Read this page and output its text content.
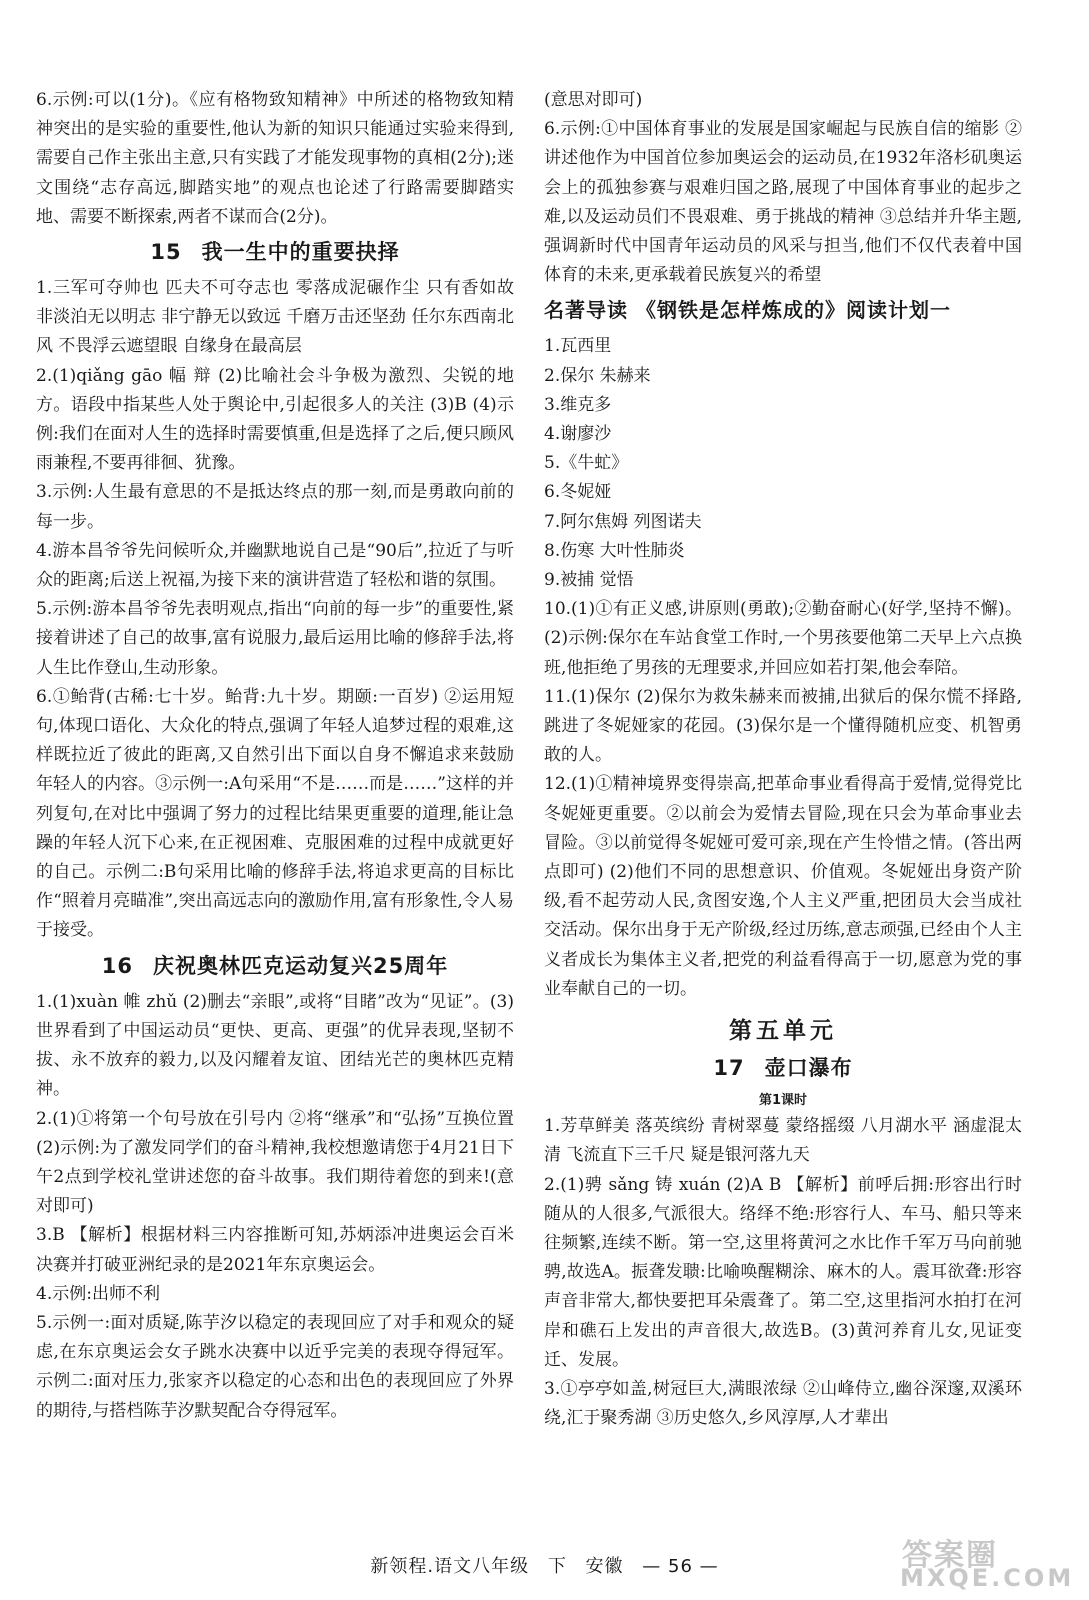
6.示例:可以(1分)。《应有格物致知精神》中所述的格物致知精神突出的是实验的重要性,他认为新的知识只能通过实验来得到,需要自己作主张出主意,只有实践了才能发现事物的真相(2分);迷文围绕“志存高远,脚踏实地”的观点也论述了行路需要脚踏实地、需要不断探索,两者不谋而合(2分)。

15 我一生中的重要抉择

1.三军可夺帅也 匹夫不可夺志也 零落成泥碾作尘 只有香如故 非淡泊无以明志 非宁静无以致远 千磨万击还坚劲 任尔东西南北风 不畏浮云遮望眼 自缘身在最高层

2.(1)qiǎng gāo 幅 辩 (2)比喻社会斗争极为激烈、尖锐的地方。语段中指某些人处于舆论中,引起很多人的关注 (3)B (4)示例:我们在面对人生的选择时需要慎重,但是选择了之后,便只顾风雨兼程,不要再徘徊、犹豫。

3.示例:人生最有意思的不是抵达终点的那一刻,而是勇敢向前的每一步。

4.游本昌爷爷先问候听众,并幽默地说自己是“90后”,拉近了与听众的距离;后送上祝福,为接下来的演讲营造了轻松和谐的氛围。

5.示例:游本昌爷爷先表明观点,指出“向前的每一步”的重要性,紧接着讲述了自己的故事,富有说服力,最后运用比喻的修辞手法,将人生比作登山,生动形象。

6.①鲐背(古稀:七十岁。鲐背:九十岁。期颐:一百岁) ②运用短句,体现口语化、大众化的特点,强调了年轻人追梦过程的艰难,这样既拉近了彼此的距离,又自然引出下面以自身不懈追求来鼓励年轻人的内容。③示例一:A句采用“不是……而是……”这样的并列复句,在对比中强调了努力的过程比结果更重要的道理,能让急躁的年轻人沉下心来,在正视困难、克服困难的过程中成就更好的自己。示例二:B句采用比喻的修辞手法,将追求更高的目标比作“照着月亮瞄准”,突出高远志向的激励作用,富有形象性,令人易于接受。

16 庆祝奥林匹克运动复兴25周年

1.(1)xuàn 帷 zhǔ (2)删去“亲眼”,或将“目睹”改为“见证”。(3)世界看到了中国运动员“更快、更高、更强”的优异表现,坚韧不拔、永不放弃的毅力,以及闪耀着友谊、团结光芒的奥林匹克精神。

2.(1)①将第一个句号放在引号内 ②将“继承”和“弘扬”互换位置 (2)示例:为了激发同学们的奋斗精神,我校想邀请您于4月21日下午2点到学校礼堂讲述您的奋斗故事。我们期待着您的到来!(意对即可)

3.B 【解析】根据材料三内容推断可知,苏炳添冲进奥运会百米决赛并打破亚洲纪录的是2021年东京奥运会。

4.示例:出师不利

5.示例一:面对质疑,陈芋汐以稳定的表现回应了对手和观众的疑虑,在东京奥运会女子跳水决赛中以近乎完美的表现夺得冠军。示例二:面对压力,张家齐以稳定的心态和出色的表现回应了外界的期待,与搭档陈芋汐默契配合夺得冠军。

(意思对即可)

6.示例:①中国体育事业的发展是国家崛起与民族自信的缩影 ②讲述他作为中国首位参加奥运会的运动员,在1932年洛杉矶奥运会上的孤独参赛与艰难归国之路,展现了中国体育事业的起步之难,以及运动员们不畏艰难、勇于挑战的精神 ③总结并升华主题,强调新时代中国青年运动员的风采与担当,他们不仅代表着中国体育的未来,更承载着民族复兴的希望

名著导读 《钢铁是怎样炼成的》阅读计划一

1.瓦西里

2.保尔 朱赫来

3.维克多

4.谢廖沙

5.《牛虻》

6.冬妮娅

7.阿尔焦姆 列图诺夫

8.伤寒 大叶性肺炎

9.被捕 觉悟

10.(1)①有正义感,讲原则(勇敢);②勤奋耐心(好学,坚持不懈)。(2)示例:保尔在车站食堂工作时,一个男孩要他第二天早上六点换班,他拒绝了男孩的无理要求,并回应如若打架,他会奉陪。

11.(1)保尔 (2)保尔为救朱赫来而被捕,出狱后的保尔慌不择路,跳进了冬妮娅家的花园。(3)保尔是一个懂得随机应变、机智勇敢的人。

12.(1)①精神境界变得崇高,把革命事业看得高于爱情,觉得党比冬妮娅更重要。②以前会为爱情去冒险,现在只会为革命事业去冒险。③以前觉得冬妮娅可爱可亲,现在产生怜惜之情。(答出两点即可) (2)他们不同的思想意识、价值观。冬妮娅出身资产阶级,看不起劳动人民,贪图安逸,个人主义严重,把团员大会当成社交活动。保尔出身于无产阶级,经过历练,意志顽强,已经由个人主义者成长为集体主义者,把党的利益看得高于一切,愿意为党的事业奉献自己的一切。

第五单元
17 壶口瀑布
第1课时

1.芳草鲜美 落英缤纷 青树翠蔓 蒙络摇缀 八月湖水平 涵虚混太清 飞流直下三千尺 疑是银河落九天

2.(1)骋 sǎng 铸 xuán (2)A B 【解析】前呼后拥:形容出行时随从的人很多,气派很大。络绎不绝:形容行人、车马、船只等来往频繁,连续不断。第一空,这里将黄河之水比作千军万马向前驰骋,故选A。振聋发聩:比喻唤醒糊涂、麻木的人。震耳欲聋:形容声音非常大,都快要把耳朵震聋了。第二空,这里指河水拍打在河岸和礁石上发出的声音很大,故选B。(3)黄河养育儿女,见证变迁、发展。

3.①亭亭如盖,树冠巨大,满眼浓绿 ②山峰侍立,幽谷深邃,双溪环绕,汇于聚秀湖 ③历史悠久,乡风淳厚,人才辈出

新领程.语文八年级 下 安徽 — 56 —	答案圈
MXQE.COM
